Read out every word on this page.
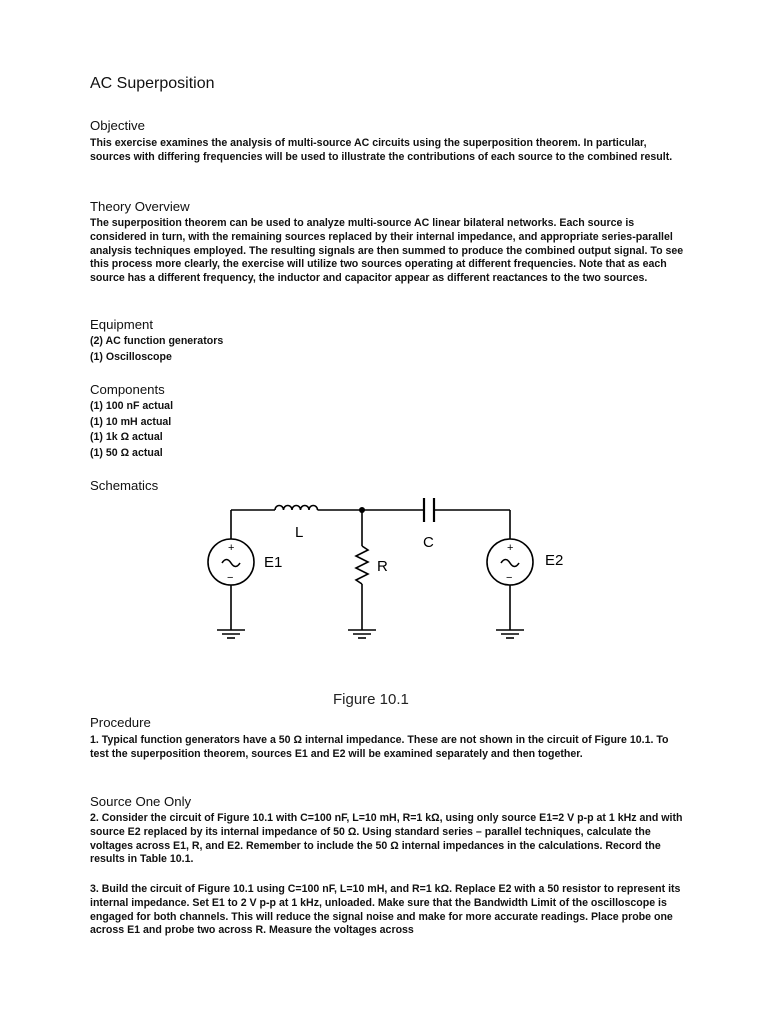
AC Superposition
Objective
This exercise examines the analysis of multi-source AC circuits using the superposition theorem. In particular, sources with differing frequencies will be used to illustrate the contributions of each source to the combined result.
Theory Overview
The superposition theorem can be used to analyze multi-source AC linear bilateral networks. Each source is considered in turn, with the remaining sources replaced by their internal impedance, and appropriate series-parallel analysis techniques employed. The resulting signals are then summed to produce the combined output signal. To see this process more clearly, the exercise will utilize two sources operating at different frequencies. Note that as each source has a different frequency, the inductor and capacitor appear as different reactances to the two sources.
Equipment
(2) AC function generators
(1) Oscilloscope
Components
(1) 100 nF actual
(1) 10 mH actual
(1) 1k Ω actual
(1) 50 Ω actual
Schematics
+
−
+
−
E1	E2
L
R
C
Figure 10.1
Procedure
1. Typical function generators have a 50 Ω internal impedance. These are not shown in the circuit of Figure 10.1. To test the superposition theorem, sources E1 and E2 will be examined separately and then together.
Source One Only
2. Consider the circuit of Figure 10.1 with C=100 nF, L=10 mH, R=1 kΩ, using only source E1=2 V p-p at 1 kHz and with source E2 replaced by its internal impedance of 50 Ω. Using standard series – parallel techniques, calculate the voltages across E1, R, and E2. Remember to include the 50 Ω internal impedances in the calculations. Record the results in Table 10.1.
3. Build the circuit of Figure 10.1 using C=100 nF, L=10 mH, and R=1 kΩ. Replace E2 with a 50 resistor to represent its internal impedance. Set E1 to 2 V p-p at 1 kHz, unloaded. Make sure that the Bandwidth Limit of the oscilloscope is engaged for both channels. This will reduce the signal noise and make for more accurate readings. Place probe one across E1 and probe two across R. Measure the voltages across
